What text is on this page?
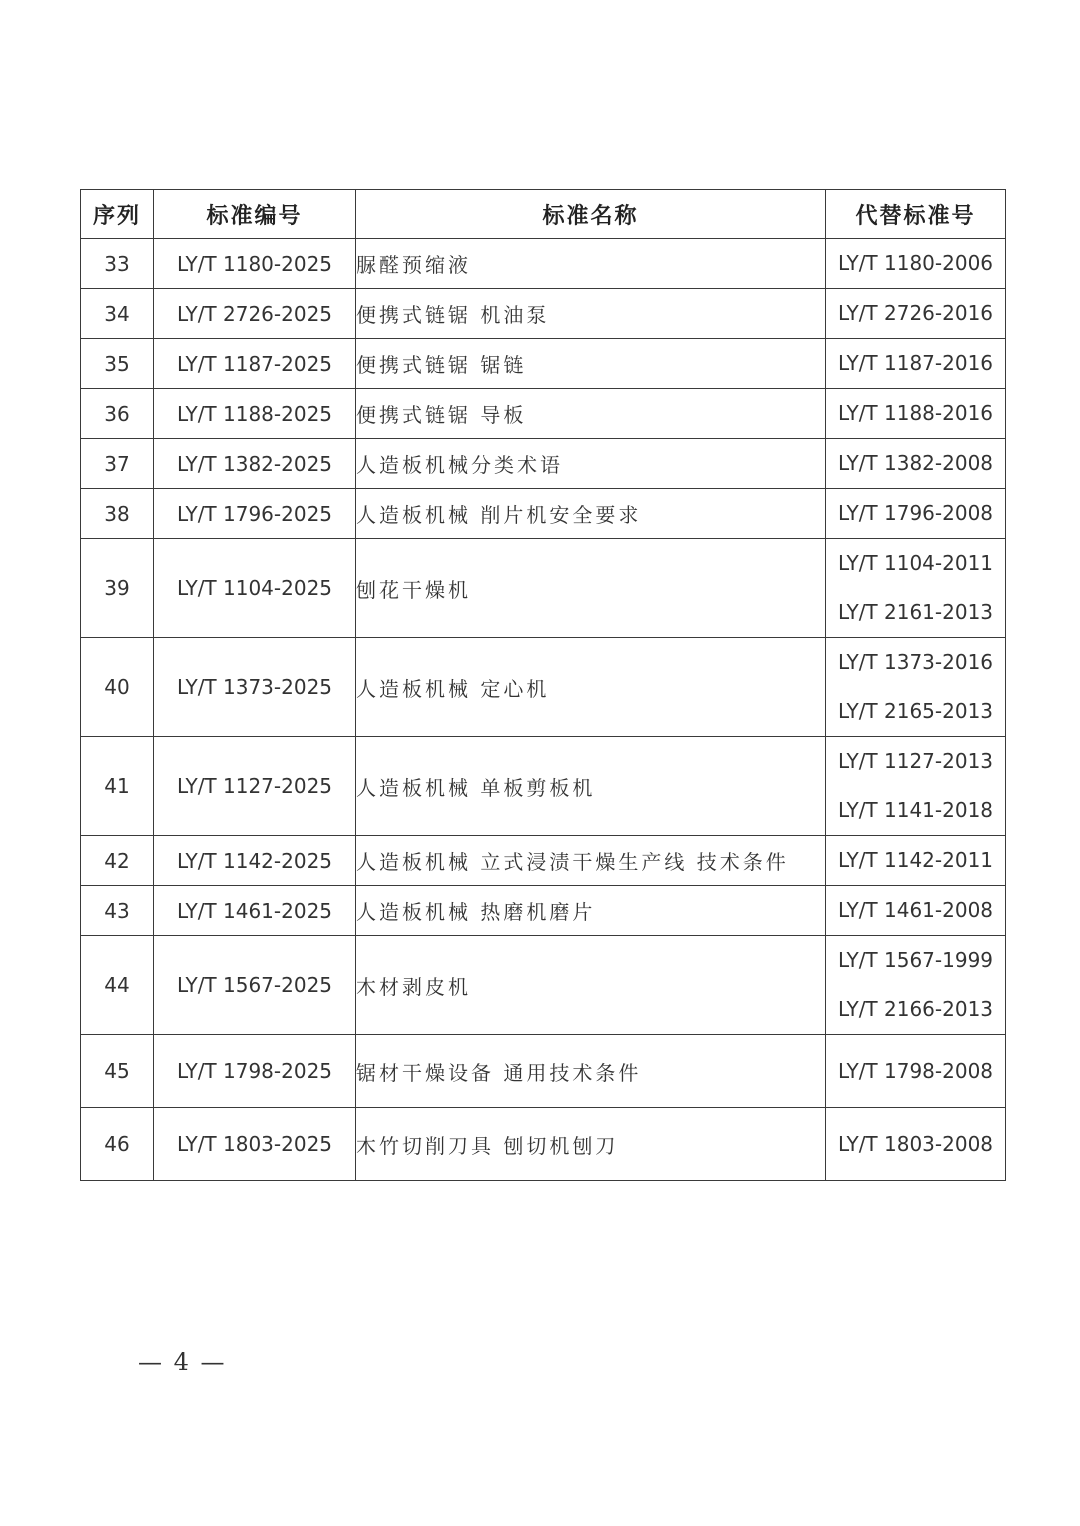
序列	标准编号	标准名称	代替标准号
33	LY/T 1180-2025	脲醛预缩液	LY/T 1180-2006

34	LY/T 2726-2025	便携式链锯 机油泵	LY/T 2726-2016

35	LY/T 1187-2025	便携式链锯 锯链	LY/T 1187-2016

36	LY/T 1188-2025	便携式链锯 导板	LY/T 1188-2016

37	LY/T 1382-2025	人造板机械分类术语	LY/T 1382-2008

38	LY/T 1796-2025	人造板机械 削片机安全要求	LY/T 1796-2008

39	LY/T 1104-2025	刨花干燥机	LY/T 1104-2011
LY/T 2161-2013

40	LY/T 1373-2025	人造板机械 定心机	LY/T 1373-2016
LY/T 2165-2013

41	LY/T 1127-2025	人造板机械 单板剪板机	LY/T 1127-2013
LY/T 1141-2018

42	LY/T 1142-2025	人造板机械 立式浸渍干燥生产线 技术条件	LY/T 1142-2011

43	LY/T 1461-2025	人造板机械 热磨机磨片	LY/T 1461-2008

44	LY/T 1567-2025	木材剥皮机	LY/T 1567-1999
LY/T 2166-2013

45	LY/T 1798-2025	锯材干燥设备 通用技术条件	LY/T 1798-2008

46	LY/T 1803-2025	木竹切削刀具 刨切机刨刀	LY/T 1803-2008
— 4 —
